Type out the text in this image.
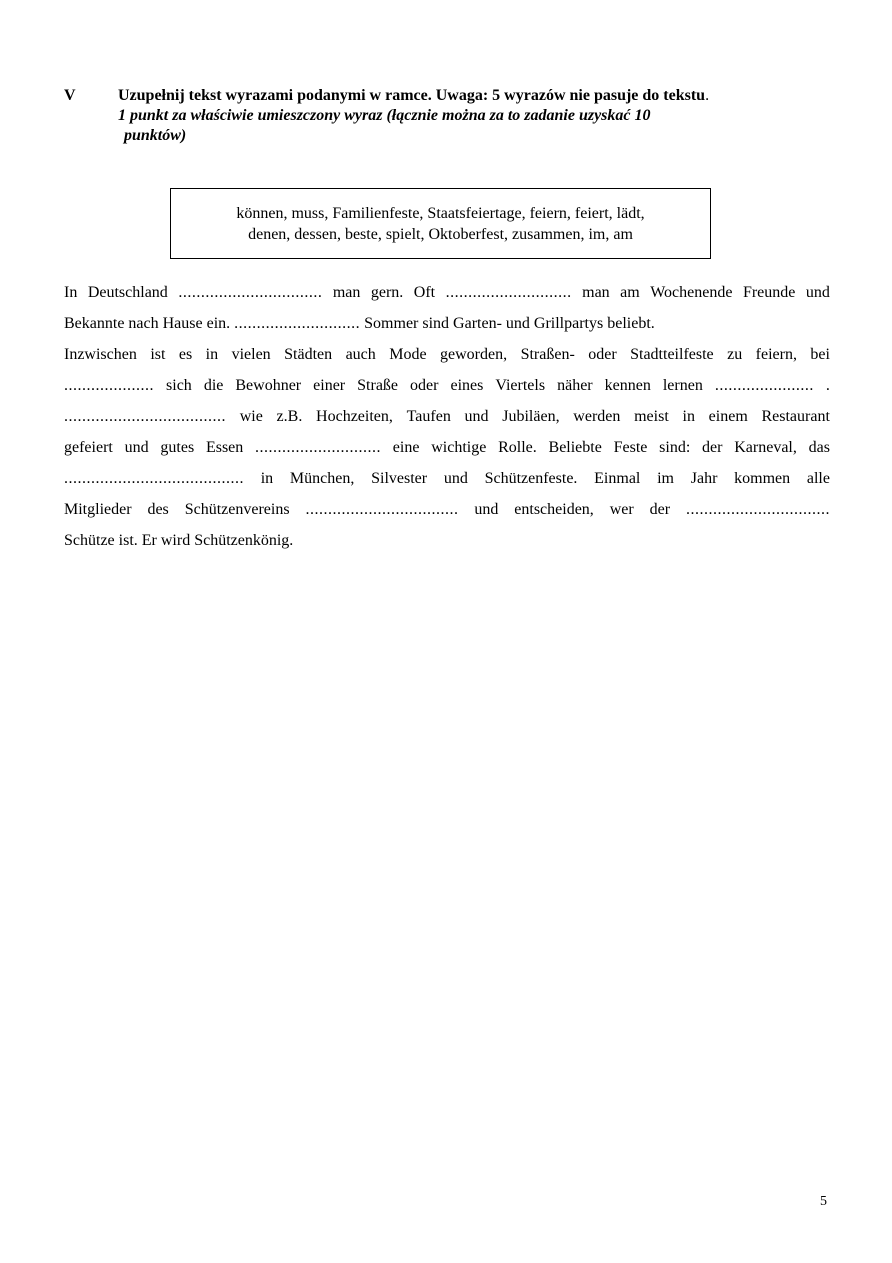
V	Uzupełnij tekst wyrazami podanymi w ramce. Uwaga: 5 wyrazów nie pasuje do tekstu.
1 punkt za właściwie umieszczony wyraz (łącznie można za to zadanie uzyskać 10
punktów)
können, muss, Familienfeste, Staatsfeiertage, feiern, feiert, lädt,
denen, dessen, beste, spielt, Oktoberfest, zusammen, im, am
In Deutschland ................................ man gern. Oft ............................ man am Wochenende Freunde und
Bekannte nach Hause ein. ............................ Sommer sind Garten- und Grillpartys beliebt.
Inzwischen ist es in vielen Städten auch Mode geworden, Straßen- oder Stadtteilfeste zu feiern, bei
.................... sich die Bewohner einer Straße oder eines Viertels näher kennen lernen ...................... .
.................................... wie z.B. Hochzeiten, Taufen und Jubiläen, werden meist in einem Restaurant
gefeiert und gutes Essen ............................ eine wichtige Rolle. Beliebte Feste sind: der Karneval, das
........................................ in München, Silvester und Schützenfeste. Einmal im Jahr kommen alle
Mitglieder des Schützenvereins .................................. und entscheiden, wer der ................................
Schütze ist. Er wird Schützenkönig.
5
